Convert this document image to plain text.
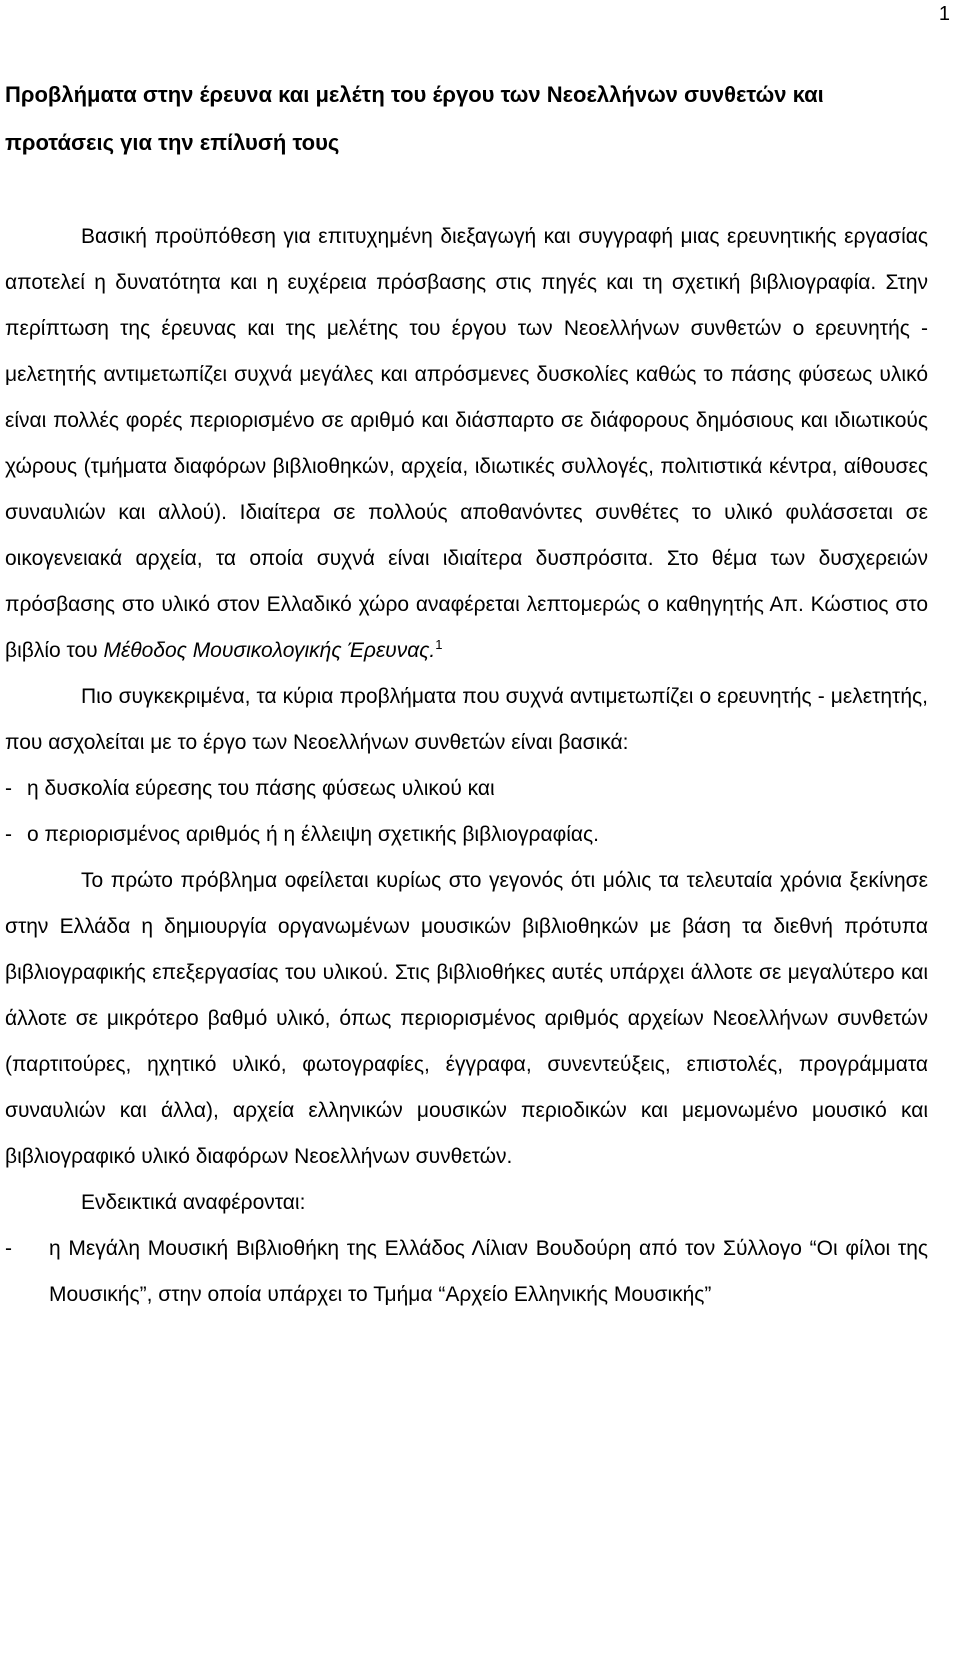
1
Προβλήματα στην έρευνα και μελέτη του έργου των Νεοελλήνων συνθετών και προτάσεις για την επίλυσή τους

Βασική προϋπόθεση για επιτυχημένη διεξαγωγή και συγγραφή μιας ερευνητικής εργασίας αποτελεί η δυνατότητα και η ευχέρεια πρόσβασης στις πηγές και τη σχετική βιβλιογραφία. Στην περίπτωση της έρευνας και της μελέτης του έργου των Νεοελλήνων συνθετών ο ερευνητής - μελετητής αντιμετωπίζει συχνά μεγάλες και απρόσμενες δυσκολίες καθώς το πάσης φύσεως υλικό είναι πολλές φορές περιορισμένο σε αριθμό και διάσπαρτο σε διάφορους δημόσιους και ιδιωτικούς χώρους (τμήματα διαφόρων βιβλιοθηκών, αρχεία, ιδιωτικές συλλογές, πολιτιστικά κέντρα, αίθουσες συναυλιών και αλλού). Ιδιαίτερα σε πολλούς αποθανόντες συνθέτες το υλικό φυλάσσεται σε οικογενειακά αρχεία, τα οποία συχνά είναι ιδιαίτερα δυσπρόσιτα. Στο θέμα των δυσχερειών πρόσβασης στο υλικό στον Ελλαδικό χώρο αναφέρεται λεπτομερώς ο καθηγητής Απ. Κώστιος στο βιβλίο του Μέθοδος Μουσικολογικής Έρευνας.$^1$

Πιο συγκεκριμένα, τα κύρια προβλήματα που συχνά αντιμετωπίζει ο ερευνητής - μελετητής, που ασχολείται με το έργο των Νεοελλήνων συνθετών είναι βασικά:

- η δυσκολία εύρεσης του πάσης φύσεως υλικού και
- ο περιορισμένος αριθμός ή η έλλειψη σχετικής βιβλιογραφίας.

Το πρώτο πρόβλημα οφείλεται κυρίως στο γεγονός ότι μόλις τα τελευταία χρόνια ξεκίνησε στην Ελλάδα η δημιουργία οργανωμένων μουσικών βιβλιοθηκών με βάση τα διεθνή πρότυπα βιβλιογραφικής επεξεργασίας του υλικού. Στις βιβλιοθήκες αυτές υπάρχει άλλοτε σε μεγαλύτερο και άλλοτε σε μικρότερο βαθμό υλικό, όπως περιορισμένος αριθμός αρχείων Νεοελλήνων συνθετών (παρτιτούρες, ηχητικό υλικό, φωτογραφίες, έγγραφα, συνεντεύξεις, επιστολές, προγράμματα συναυλιών και άλλα), αρχεία ελληνικών μουσικών περιοδικών και μεμονωμένο μουσικό και βιβλιογραφικό υλικό διαφόρων Νεοελλήνων συνθετών.

Ενδεικτικά αναφέρονται:

- η Μεγάλη Μουσική Βιβλιοθήκη της Ελλάδος Λίλιαν Βουδούρη από τον Σύλλογο “Οι φίλοι της Μουσικής”, στην οποία υπάρχει το Τμήμα “Αρχείο Ελληνικής Μουσικής”
